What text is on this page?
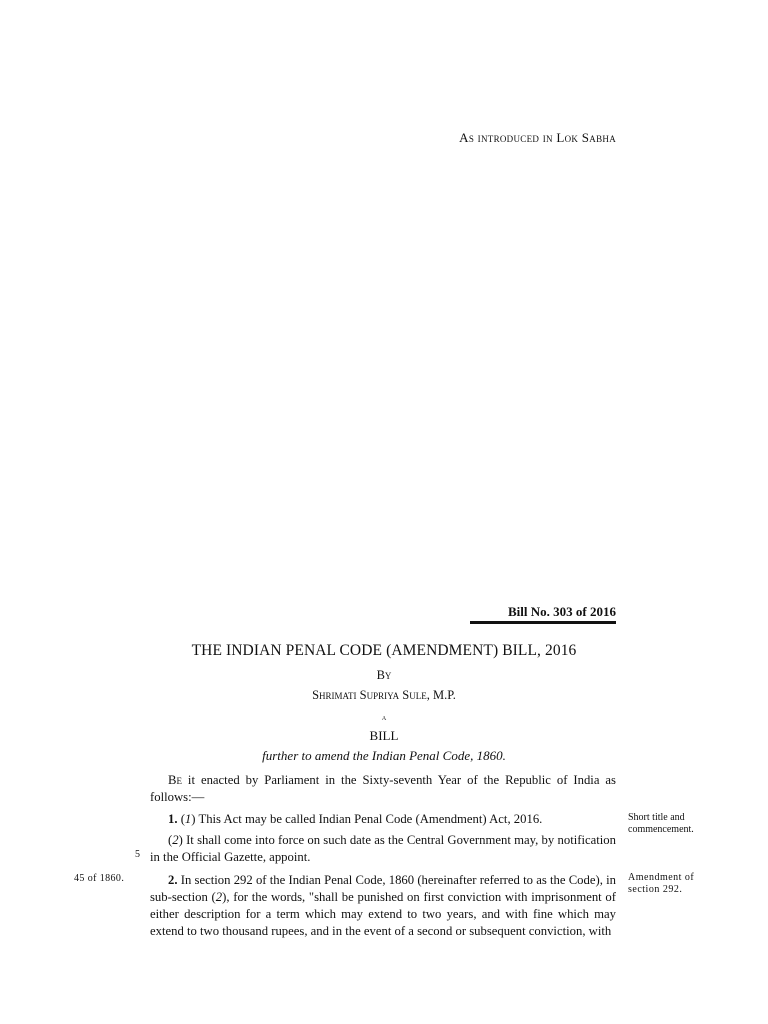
As introduced in Lok Sabha
Bill No. 303 of 2016
THE INDIAN PENAL CODE (AMENDMENT) BILL, 2016
By
Shrimati Supriya Sule, M.P.
a
BILL
further to amend the Indian Penal Code, 1860.
Be it enacted by Parliament in the Sixty-seventh Year of the Republic of India as follows:—
1. (1) This Act may be called Indian Penal Code (Amendment) Act, 2016.
(2) It shall come into force on such date as the Central Government may, by notification in the Official Gazette, appoint.
2. In section 292 of the Indian Penal Code, 1860 (hereinafter referred to as the Code), in sub-section (2), for the words, "shall be punished on first conviction with imprisonment of either description for a term which may extend to two years, and with fine which may extend to two thousand rupees, and in the event of a second or subsequent conviction, with
Short title and commencement.
Amendment of section 292.
5
45 of 1860.
